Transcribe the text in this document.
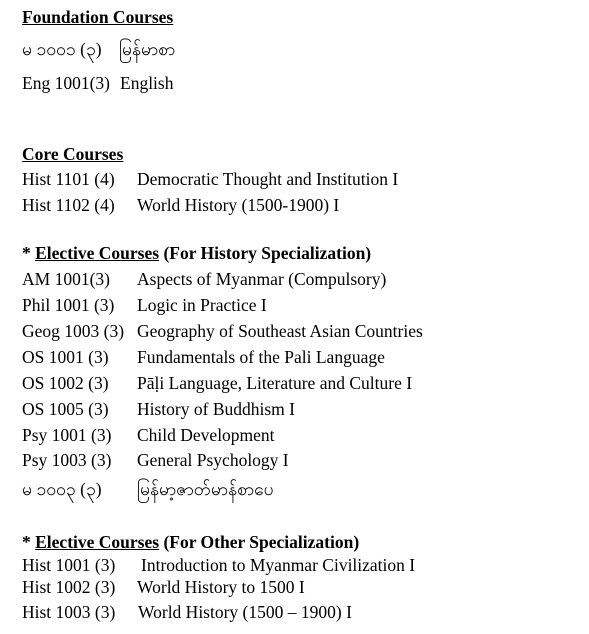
Foundation Courses
မ ၁၀၀၁ (၃) မြန်မာစာ
Eng 1001(3) English
Core Courses
Hist 1101 (4) Democratic Thought and Institution I
Hist 1102 (4) World History (1500-1900) I
* Elective Courses (For History Specialization)
AM 1001(3) Aspects of Myanmar (Compulsory)
Phil 1001 (3) Logic in Practice I
Geog 1003 (3) Geography of Southeast Asian Countries
OS 1001 (3) Fundamentals of the Pali Language
OS 1002 (3) Pāḷi Language, Literature and Culture I
OS 1005 (3) History of Buddhism I
Psy 1001 (3) Child Development
Psy 1003 (3) General Psychology I
မ ၁၀၀၃ (၃) မြန်မာ့ဇာတ်မာန်စာပေ
* Elective Courses (For Other Specialization)
Hist 1001 (3) Introduction to Myanmar Civilization I
Hist 1002 (3) World History to 1500 I
Hist 1003 (3) World History (1500 – 1900) I
